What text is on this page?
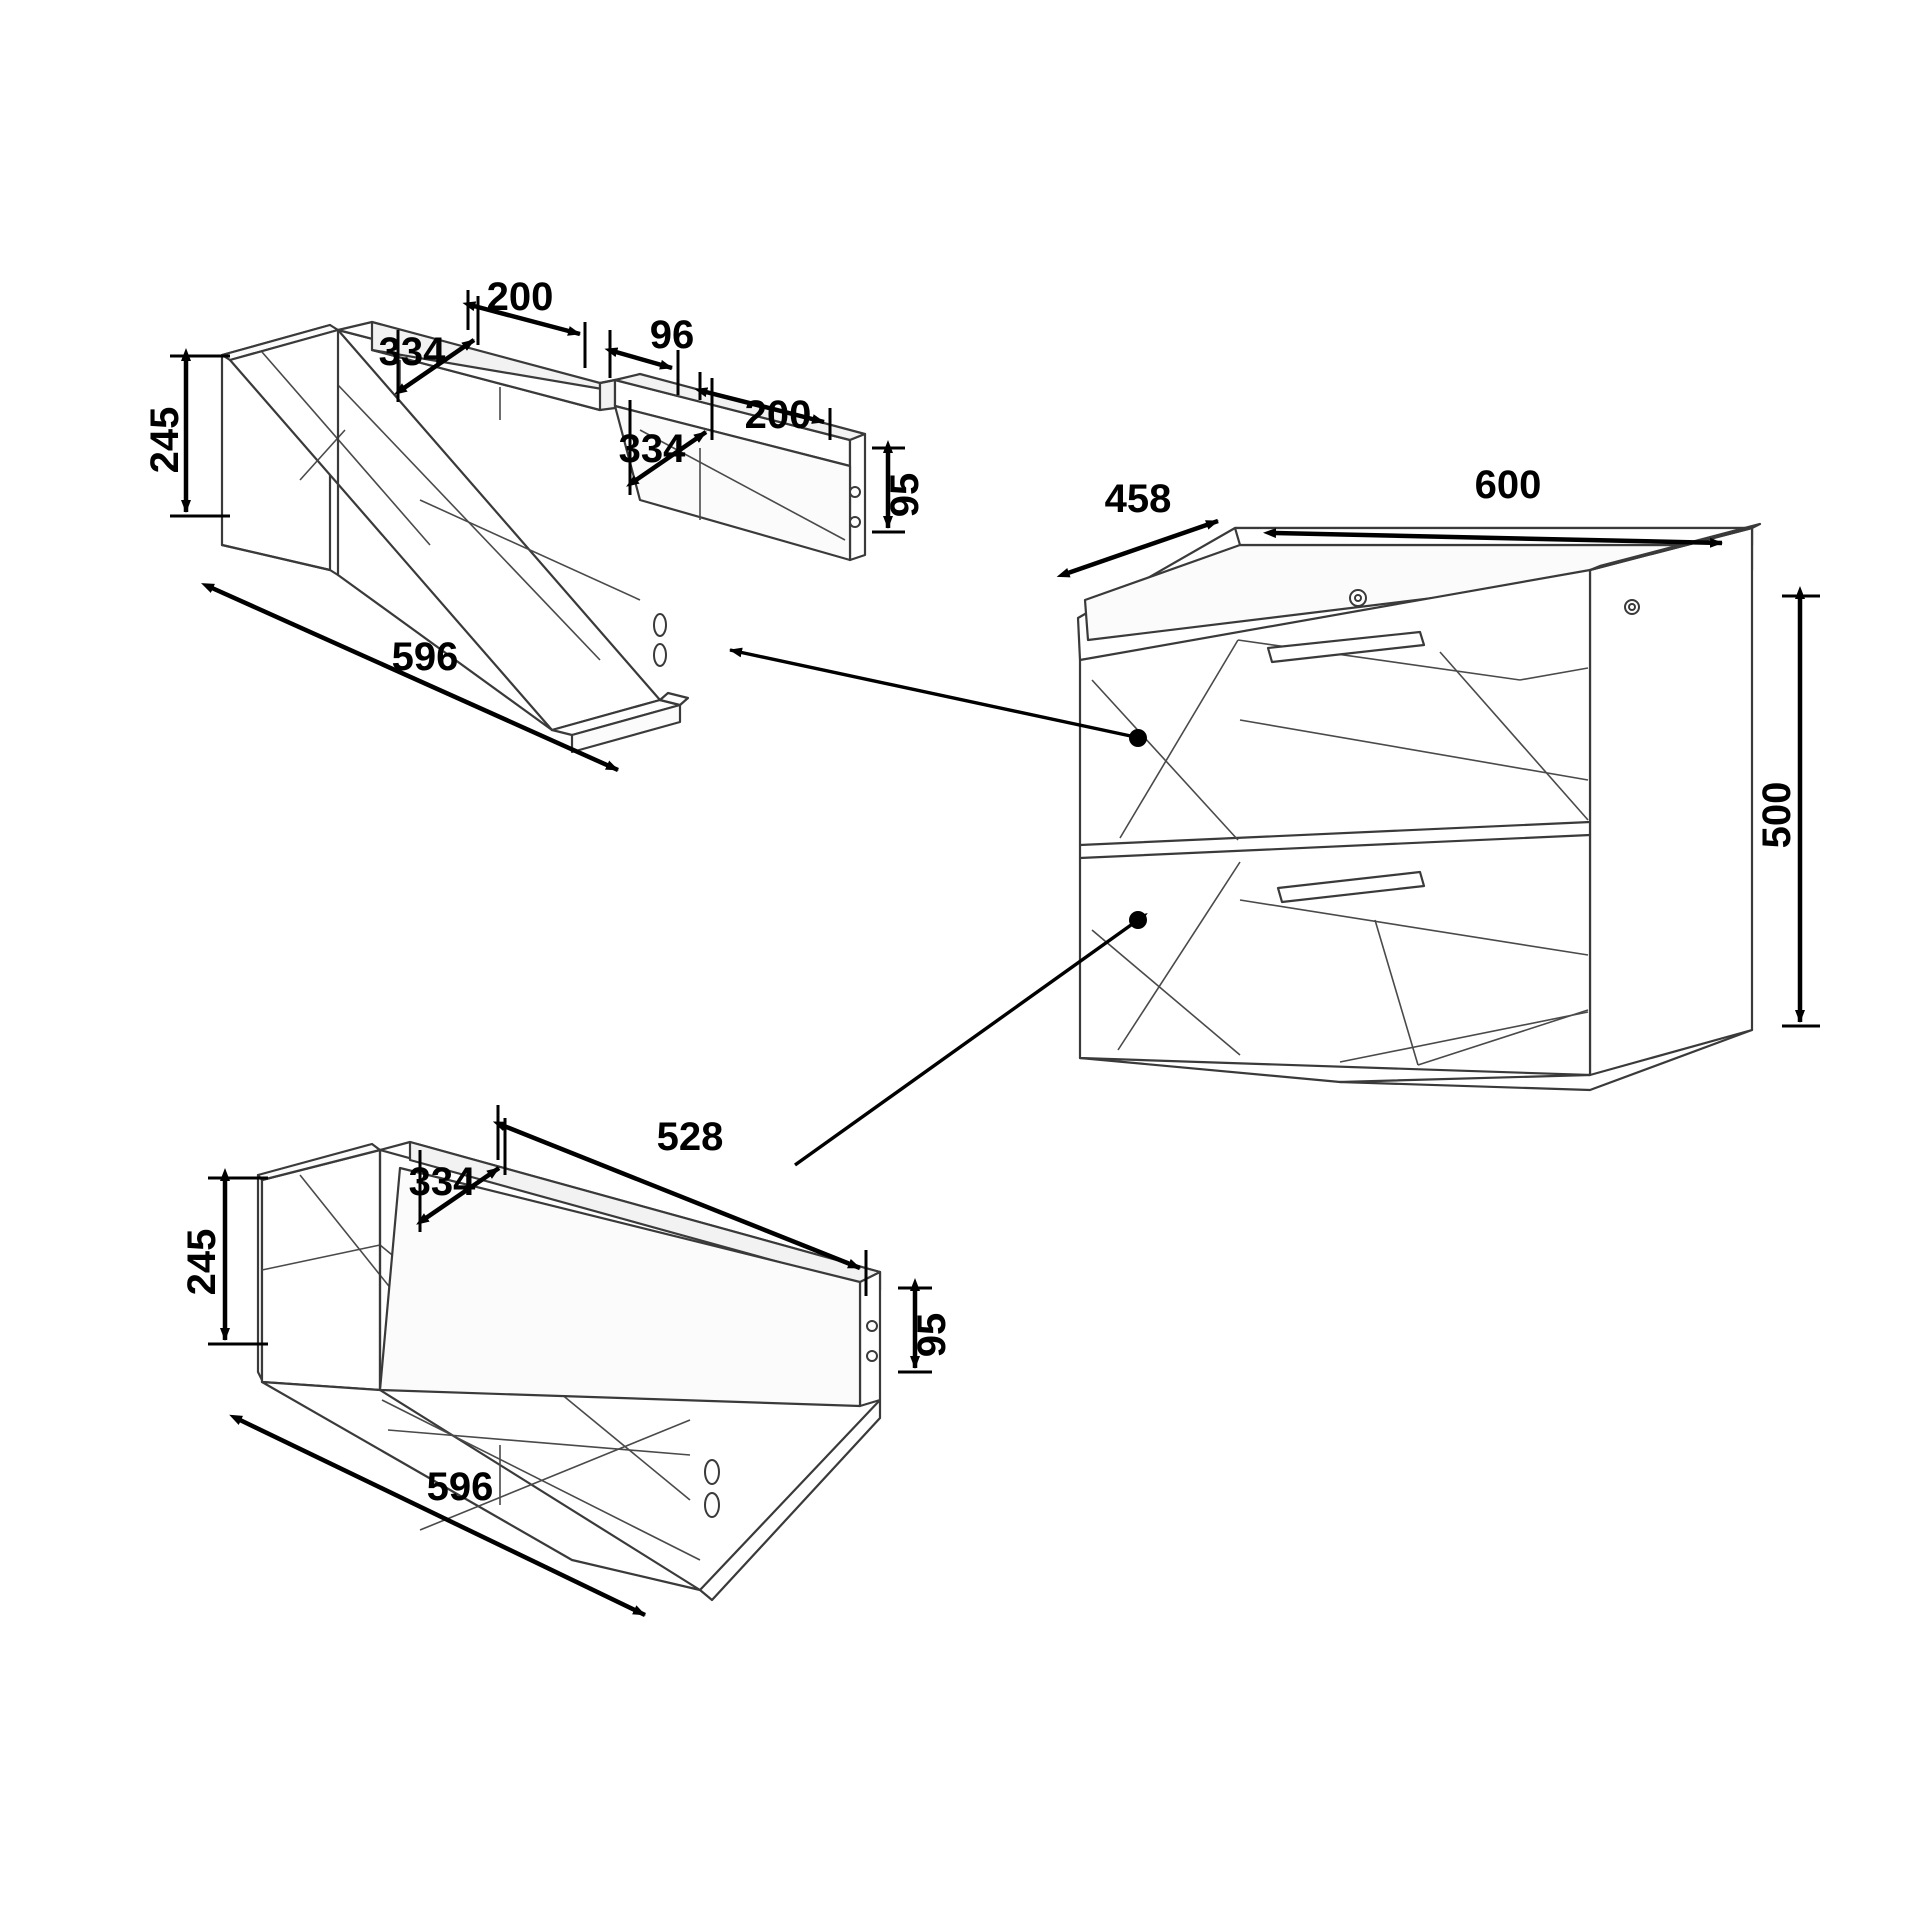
200
334	96
200
334
245
95
596
334
528
245
95
596
458	600
500
